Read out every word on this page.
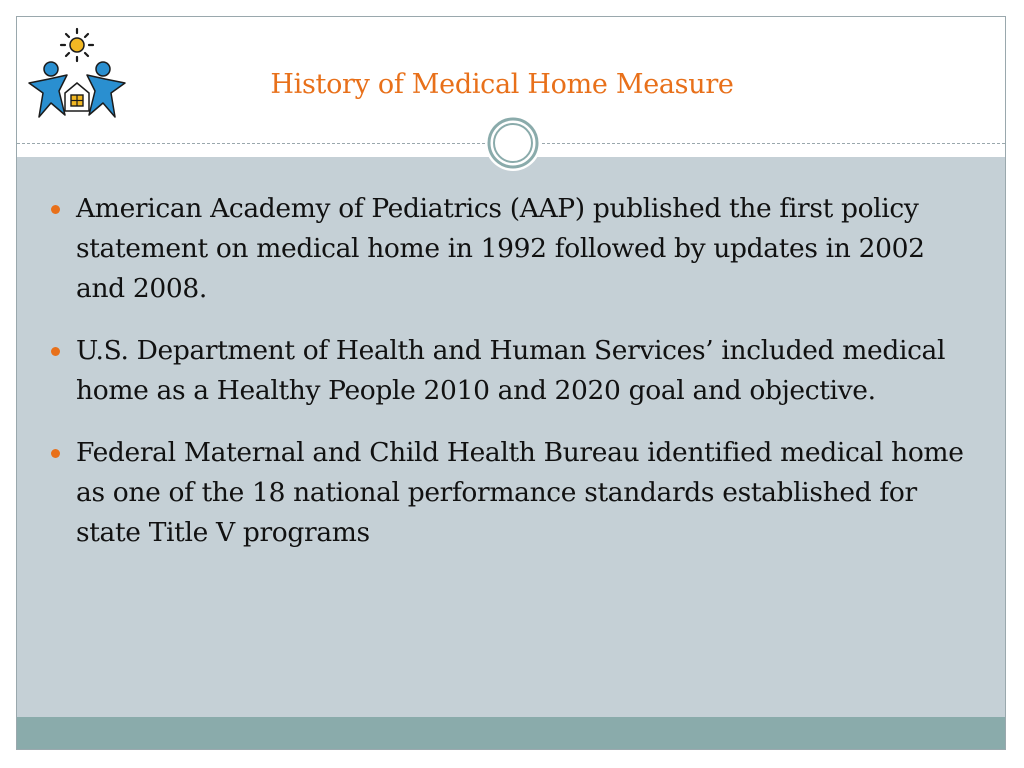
History of Medical Home Measure
American Academy of Pediatrics (AAP) published the first policy statement on medical home in 1992 followed by updates in 2002 and 2008.
U.S. Department of Health and Human Services’ included medical home as a Healthy People 2010 and 2020 goal and objective.
Federal Maternal and Child Health Bureau identified medical home as one of the 18 national performance standards established for state Title V programs
